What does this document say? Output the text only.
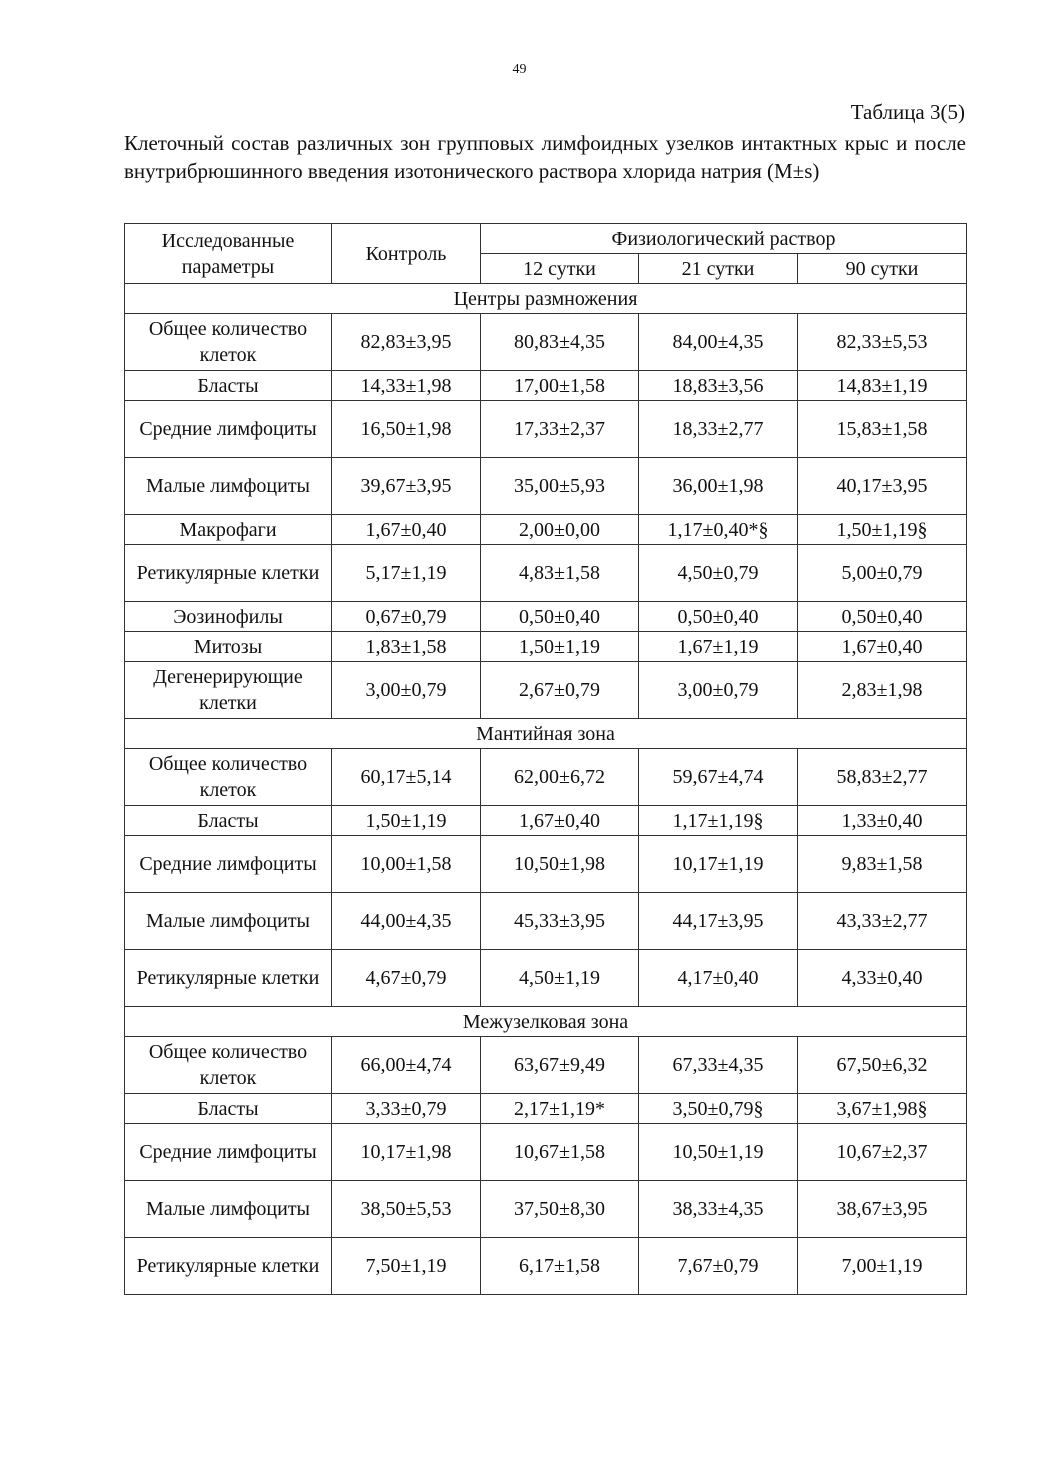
49
Таблица 3(5)
Клеточный состав различных зон групповых лимфоидных узелков интактных крыс и после внутрибрюшинного введения изотонического раствора хлорида натрия (M±s)
Исследованные параметры	Контроль	Физиологический раствор		
		12 сутки	21 сутки	90 сутки
Центры размножения				
Общее количество клеток	82,83±3,95	80,83±4,35	84,00±4,35	82,33±5,53
Бласты	14,33±1,98	17,00±1,58	18,83±3,56	14,83±1,19
Средние лимфоциты	16,50±1,98	17,33±2,37	18,33±2,77	15,83±1,58
Малые лимфоциты	39,67±3,95	35,00±5,93	36,00±1,98	40,17±3,95
Макрофаги	1,67±0,40	2,00±0,00	1,17±0,40*§	1,50±1,19§
Ретикулярные клетки	5,17±1,19	4,83±1,58	4,50±0,79	5,00±0,79
Эозинофилы	0,67±0,79	0,50±0,40	0,50±0,40	0,50±0,40
Митозы	1,83±1,58	1,50±1,19	1,67±1,19	1,67±0,40
Дегенерирующие клетки	3,00±0,79	2,67±0,79	3,00±0,79	2,83±1,98
Мантийная зона				
Общее количество клеток	60,17±5,14	62,00±6,72	59,67±4,74	58,83±2,77
Бласты	1,50±1,19	1,67±0,40	1,17±1,19§	1,33±0,40
Средние лимфоциты	10,00±1,58	10,50±1,98	10,17±1,19	9,83±1,58
Малые лимфоциты	44,00±4,35	45,33±3,95	44,17±3,95	43,33±2,77
Ретикулярные клетки	4,67±0,79	4,50±1,19	4,17±0,40	4,33±0,40
Межузелковая зона				
Общее количество клеток	66,00±4,74	63,67±9,49	67,33±4,35	67,50±6,32
Бласты	3,33±0,79	2,17±1,19*	3,50±0,79§	3,67±1,98§
Средние лимфоциты	10,17±1,98	10,67±1,58	10,50±1,19	10,67±2,37
Малые лимфоциты	38,50±5,53	37,50±8,30	38,33±4,35	38,67±3,95
Ретикулярные клетки	7,50±1,19	6,17±1,58	7,67±0,79	7,00±1,19
